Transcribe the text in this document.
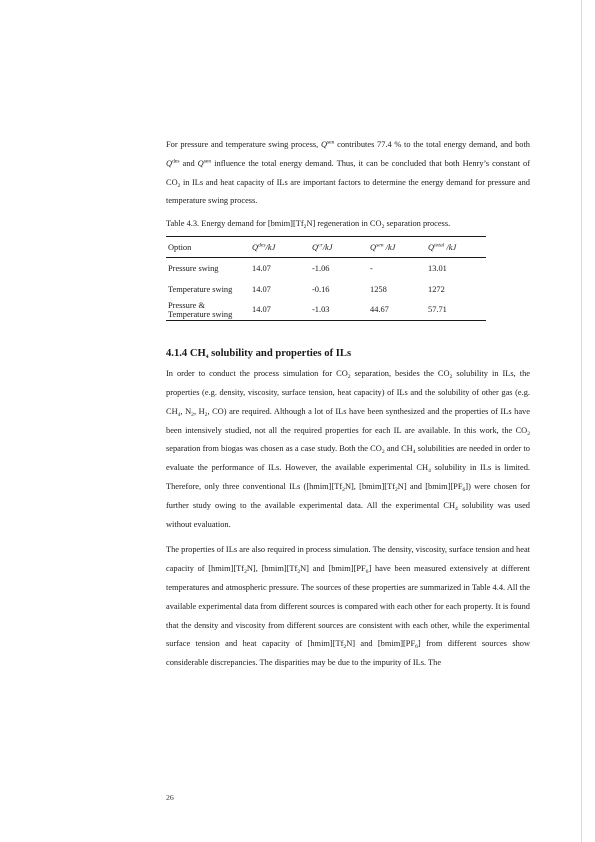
For pressure and temperature swing process, $Q^{sen}$ contributes 77.4 % to the total energy demand, and both $Q^{des}$ and $Q^{sen}$ influence the total energy demand. Thus, it can be concluded that both Henry’s constant of $CO_2$ in ILs and heat capacity of ILs are important factors to determine the energy demand for pressure and temperature swing process.

Table 4.3. Energy demand for $[bmim][Tf_2N]$ regeneration in $CO_2$ separation process.

Option	$Q^{des}/kJ$	$Q^{cr}/kJ$	$Q^{sen}$ /kJ	$Q^{total}$ /kJ
Pressure swing	14.07	-1.06	-	13.01
Temperature swing	14.07	-0.16	1258	1272

Pressure &
Temperature swing	14.07	-1.03	44.67	57.71
4.1.4 $CH_4$ solubility and properties of ILs

In order to conduct the process simulation for $CO_2$ separation, besides the $CO_2$ solubility in ILs, the properties (e.g. density, viscosity, surface tension, heat capacity) of ILs and the solubility of other gas (e.g. $CH_4$, $N_2$, $H_2$, CO) are required. Although a lot of ILs have been synthesized and the properties of ILs have been intensively studied, not all the required properties for each IL are available. In this work, the $CO_2$ separation from biogas was chosen as a case study. Both the $CO_2$ and $CH_4$ solubilities are needed in order to evaluate the performance of ILs. However, the available experimental $CH_4$ solubility in ILs is limited. Therefore, only three conventional ILs ($[hmim][Tf_2N]$, $[bmim][Tf_2N]$ and $[bmim][PF_6]$) were chosen for further study owing to the available experimental data. All the experimental $CH_4$ solubility was used without evaluation.

The properties of ILs are also required in process simulation. The density, viscosity, surface tension and heat capacity of $[hmim][Tf_2N]$, $[bmim][Tf_2N]$ and $[bmim][PF_6]$ have been measured extensively at different temperatures and atmospheric pressure. The sources of these properties are summarized in Table 4.4. All the available experimental data from different sources is compared with each other for each property. It is found that the density and viscosity from different sources are consistent with each other, while the experimental surface tension and heat capacity of $[hmim][Tf_2N]$ and $[bmim][PF_6]$ from different sources show considerable discrepancies. The disparities may be due to the impurity of ILs. The

26
